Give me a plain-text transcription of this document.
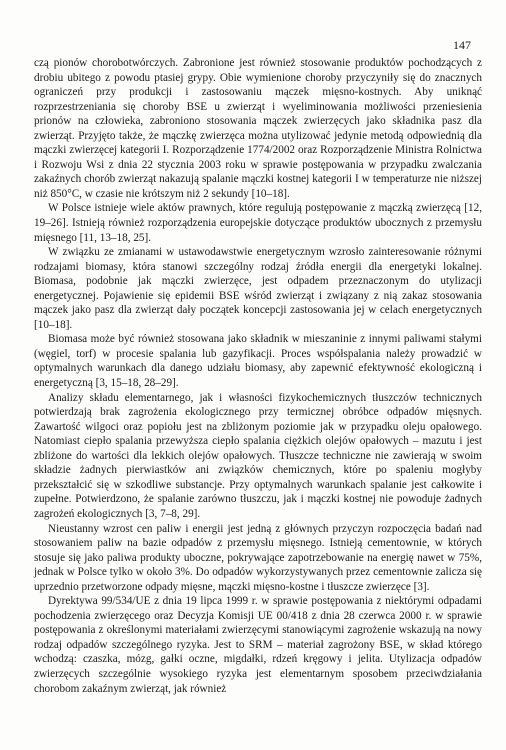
147

czą pionów chorobotwórczych. Zabronione jest również stosowanie produktów pochodzących z drobiu ubitego z powodu ptasiej grypy. Obie wymienione choroby przyczyniły się do znacznych ograniczeń przy produkcji i zastosowaniu mączek mięsno-kostnych. Aby uniknąć rozprzestrzeniania się choroby BSE u zwierząt i wyeliminowania możliwości przeniesienia prionów na człowieka, zabroniono stosowania mączek zwierzęcych jako składnika pasz dla zwierząt. Przyjęto także, że mączkę zwierzęca można utylizować jedynie metodą odpowiednią dla mączki zwierzęcej kategorii I. Rozporządzenie 1774/2002 oraz Rozporządzenie Ministra Rolnictwa i Rozwoju Wsi z dnia 22 stycznia 2003 roku w sprawie postępowania w przypadku zwalczania zakaźnych chorób zwierząt nakazują spalanie mączki kostnej kategorii I w temperaturze nie niższej niż 850°C, w czasie nie krótszym niż 2 sekundy [10–18].

W Polsce istnieje wiele aktów prawnych, które regulują postępowanie z mączką zwierzęcą [12, 19–26]. Istnieją również rozporządzenia europejskie dotyczące produktów ubocznych z przemysłu mięsnego [11, 13–18, 25].

W związku ze zmianami w ustawodawstwie energetycznym wzrosło zainteresowanie różnymi rodzajami biomasy, która stanowi szczególny rodzaj źródła energii dla energetyki lokalnej. Biomasa, podobnie jak mączki zwierzęce, jest odpadem przeznaczonym do utylizacji energetycznej. Pojawienie się epidemii BSE wśród zwierząt i związany z nią zakaz stosowania mączek jako pasz dla zwierząt dały początek koncepcji zastosowania jej w celach energetycznych [10–18].

Biomasa może być również stosowana jako składnik w mieszaninie z innymi paliwami stałymi (węgiel, torf) w procesie spalania lub gazyfikacji. Proces współspalania należy prowadzić w optymalnych warunkach dla danego udziału biomasy, aby zapewnić efektywność ekologiczną i energetyczną [3, 15–18, 28–29].

Analizy składu elementarnego, jak i własności fizykochemicznych tłuszczów technicznych potwierdzają brak zagrożenia ekologicznego przy termicznej obróbce odpadów mięsnych. Zawartość wilgoci oraz popiołu jest na zbliżonym poziomie jak w przypadku oleju opałowego. Natomiast ciepło spalania przewyższa ciepło spalania ciężkich olejów opałowych – mazutu i jest zbliżone do wartości dla lekkich olejów opałowych. Tłuszcze techniczne nie zawierają w swoim składzie żadnych pierwiastków ani związków chemicznych, które po spaleniu mogłyby przekształcić się w szkodliwe substancje. Przy optymalnych warunkach spalanie jest całkowite i zupełne. Potwierdzono, że spalanie zarówno tłuszczu, jak i mączki kostnej nie powoduje żadnych zagrożeń ekologicznych [3, 7–8, 29].

Nieustanny wzrost cen paliw i energii jest jedną z głównych przyczyn rozpoczęcia badań nad stosowaniem paliw na bazie odpadów z przemysłu mięsnego. Istnieją cementownie, w których stosuje się jako paliwa produkty uboczne, pokrywające zapotrzebowanie na energię nawet w 75%, jednak w Polsce tylko w około 3%. Do odpadów wykorzystywanych przez cementownie zalicza się uprzednio przetworzone odpady mięsne, mączki mięsno-kostne i tłuszcze zwierzęce [3].

Dyrektywa 99/534/UE z dnia 19 lipca 1999 r. w sprawie postępowania z niektórymi odpadami pochodzenia zwierzęcego oraz Decyzja Komisji UE 00/418 z dnia 28 czerwca 2000 r. w sprawie postępowania z określonymi materiałami zwierzęcymi stanowiącymi zagrożenie wskazują na nowy rodzaj odpadów szczególnego ryzyka. Jest to SRM – materiał zagrożony BSE, w skład którego wchodzą: czaszka, mózg, gałki oczne, migdałki, rdzeń kręgowy i jelita. Utylizacja odpadów zwierzęcych szczególnie wysokiego ryzyka jest elementarnym sposobem przeciwdziałania chorobom zakaźnym zwierząt, jak również
